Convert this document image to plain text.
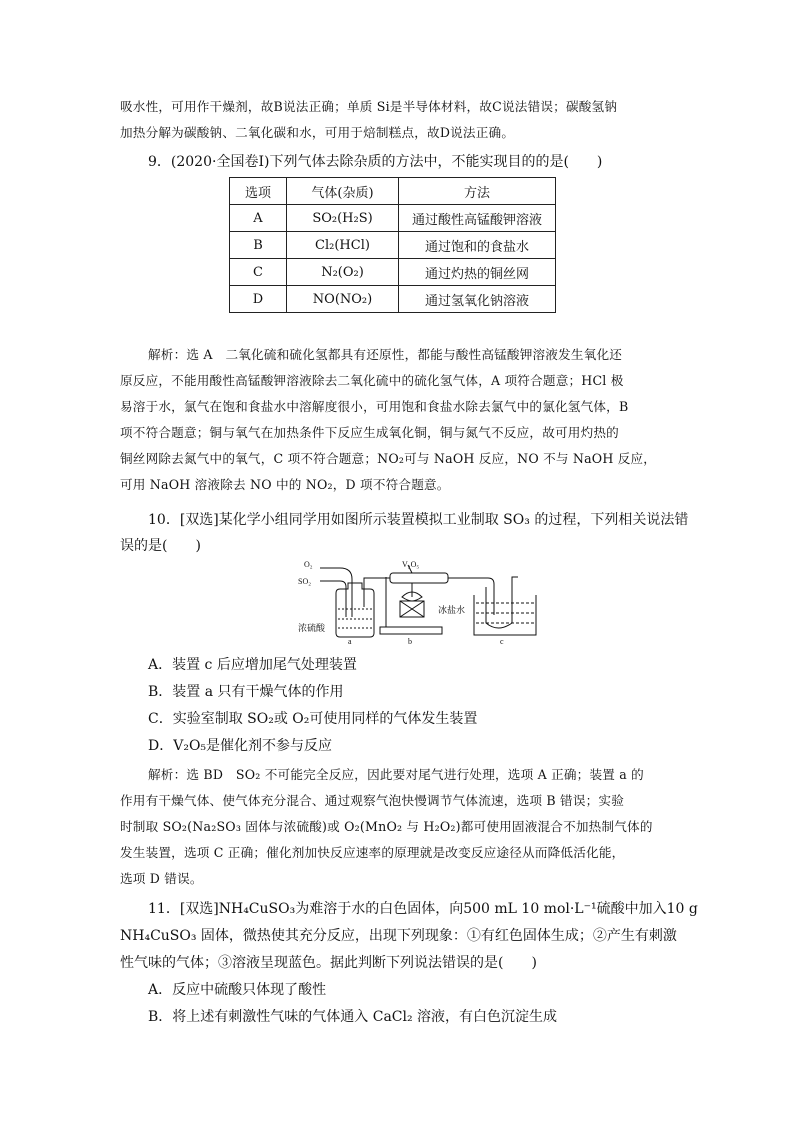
吸水性，可用作干燥剂，故B说法正确；单质 Si是半导体材料，故C说法错误；碳酸氢钠
加热分解为碳酸钠、二氧化碳和水，可用于焙制糕点，故D说法正确。
9．(2020·全国卷Ⅰ)下列气体去除杂质的方法中，不能实现目的的是(　　)
选项	气体(杂质)	方法
A	SO₂(H₂S)	通过酸性高锰酸钾溶液
B	Cl₂(HCl)	通过饱和的食盐水
C	N₂(O₂)	通过灼热的铜丝网
D	NO(NO₂)	通过氢氧化钠溶液
解析：选 A　二氧化硫和硫化氢都具有还原性，都能与酸性高锰酸钾溶液发生氧化还
原反应，不能用酸性高锰酸钾溶液除去二氧化硫中的硫化氢气体，A 项符合题意；HCl 极
易溶于水，氯气在饱和食盐水中溶解度很小，可用饱和食盐水除去氯气中的氯化氢气体，B
项不符合题意；铜与氧气在加热条件下反应生成氧化铜，铜与氮气不反应，故可用灼热的
铜丝网除去氮气中的氧气，C 项不符合题意；NO₂可与 NaOH 反应，NO 不与 NaOH 反应，
可用 NaOH 溶液除去 NO 中的 NO₂，D 项不符合题意。
10．[双选]某化学小组同学用如图所示装置模拟工业制取 SO₃ 的过程，下列相关说法错
误的是(　　)
O₂
SO₂
V₂O₅
浓硫酸
冰盐水
a	b	c
A．装置 c 后应增加尾气处理装置
B．装置 a 只有干燥气体的作用
C．实验室制取 SO₂或 O₂可使用同样的气体发生装置
D．V₂O₅是催化剂不参与反应
解析：选 BD　SO₂ 不可能完全反应，因此要对尾气进行处理，选项 A 正确；装置 a 的
作用有干燥气体、使气体充分混合、通过观察气泡快慢调节气体流速，选项 B 错误；实验
时制取 SO₂(Na₂SO₃ 固体与浓硫酸)或 O₂(MnO₂ 与 H₂O₂)都可使用固液混合不加热制气体的
发生装置，选项 C 正确；催化剂加快反应速率的原理就是改变反应途径从而降低活化能，
选项 D 错误。
11．[双选]NH₄CuSO₃为难溶于水的白色固体，向500 mL 10 mol·L⁻¹硫酸中加入10 g
NH₄CuSO₃ 固体，微热使其充分反应，出现下列现象：①有红色固体生成；②产生有刺激
性气味的气体；③溶液呈现蓝色。据此判断下列说法错误的是(　　)
A．反应中硫酸只体现了酸性
B．将上述有刺激性气味的气体通入 CaCl₂ 溶液，有白色沉淀生成
